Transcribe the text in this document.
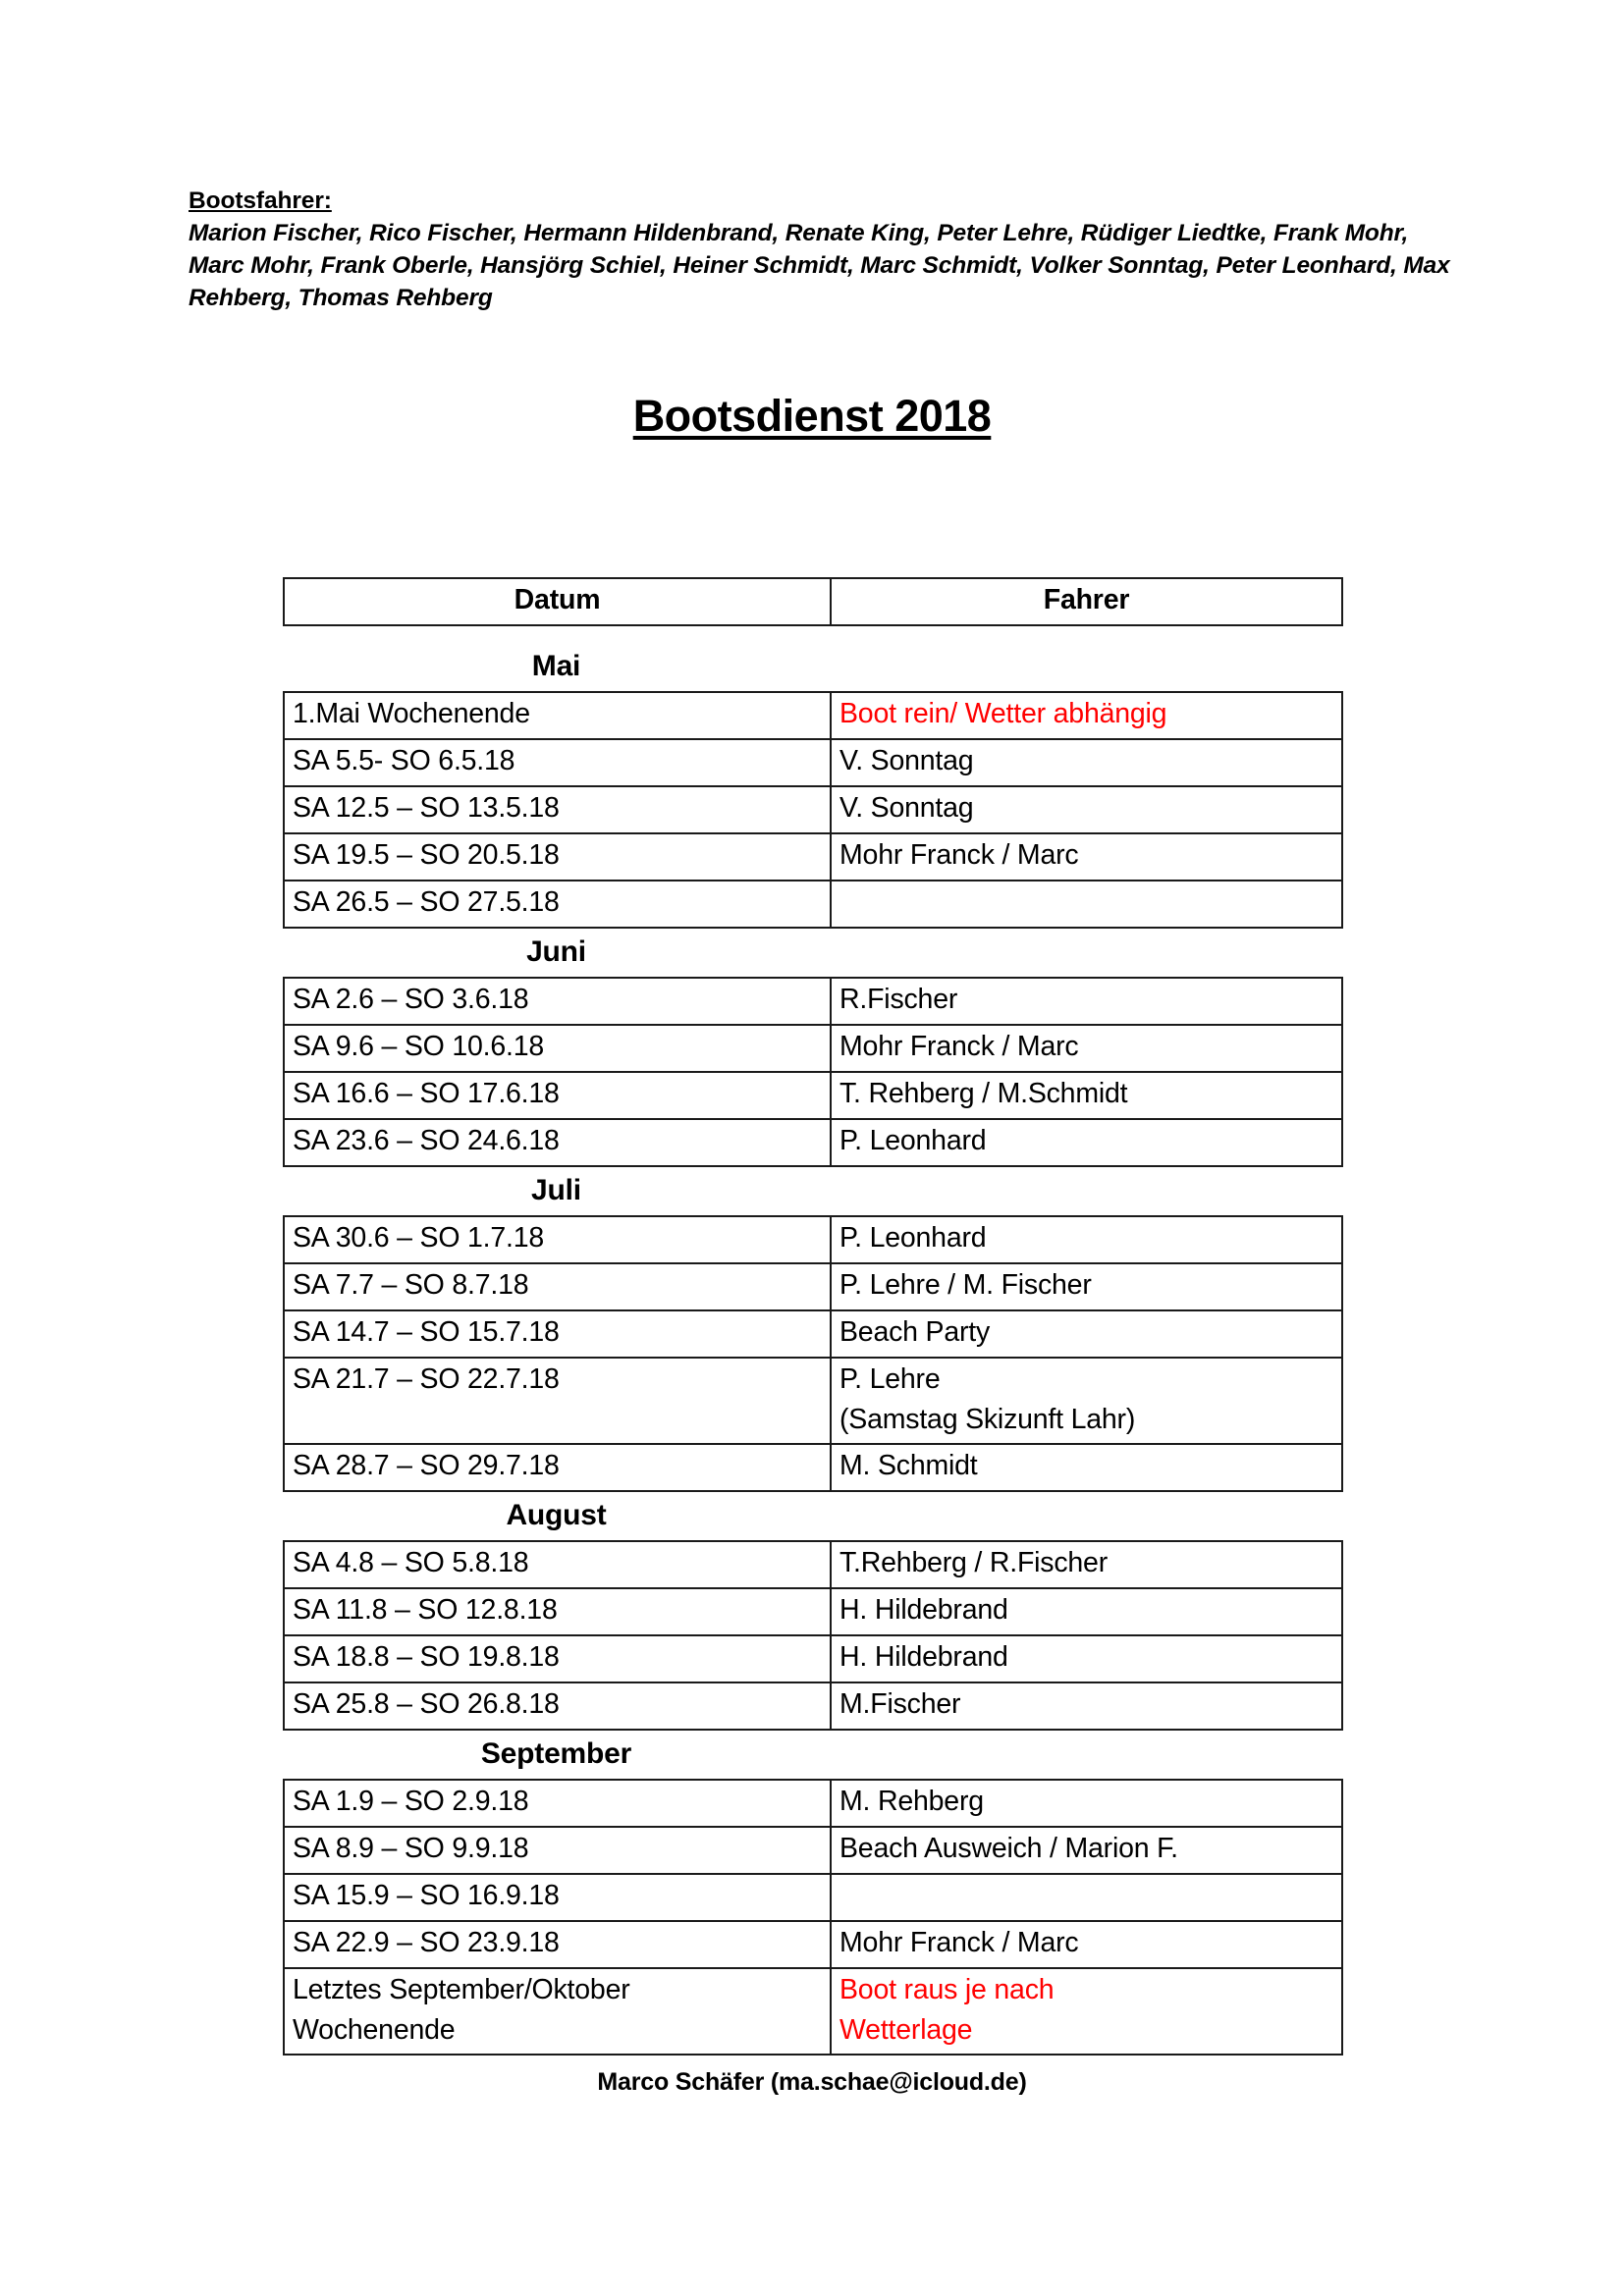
Bootsfahrer:
Marion Fischer, Rico Fischer, Hermann Hildenbrand, Renate King, Peter Lehre, Rüdiger Liedtke, Frank Mohr, Marc Mohr, Frank Oberle, Hansjörg Schiel, Heiner Schmidt, Marc Schmidt, Volker Sonntag, Peter Leonhard, Max Rehberg, Thomas Rehberg
Bootsdienst 2018
Datum	Fahrer
Mai
1.Mai Wochenende	Boot rein/ Wetter abhängig

SA 5.5- SO 6.5.18	V. Sonntag

SA 12.5 – SO 13.5.18	V. Sonntag

SA 19.5 – SO 20.5.18	Mohr Franck / Marc

SA 26.5 – SO 27.5.18	

Juni
SA 2.6 – SO 3.6.18	R.Fischer

SA 9.6 – SO 10.6.18	Mohr Franck / Marc

SA 16.6 – SO 17.6.18	T. Rehberg / M.Schmidt

SA 23.6 – SO 24.6.18	P. Leonhard
Juli
SA 30.6 – SO 1.7.18	P. Leonhard

SA 7.7 – SO 8.7.18	P. Lehre / M. Fischer

SA 14.7 – SO 15.7.18	Beach Party

SA 21.7 – SO 22.7.18	P. Lehre
(Samstag Skizunft Lahr)

SA 28.7 – SO 29.7.18	M. Schmidt
August
SA 4.8 – SO 5.8.18	T.Rehberg / R.Fischer

SA 11.8 – SO 12.8.18	H. Hildebrand

SA 18.8 – SO 19.8.18	H. Hildebrand

SA 25.8 – SO 26.8.18	M.Fischer
September
SA 1.9 – SO 2.9.18	M. Rehberg

SA 8.9 – SO 9.9.18	Beach Ausweich / Marion F.

SA 15.9 – SO 16.9.18	

SA 22.9 – SO 23.9.18	Mohr Franck / Marc

Letztes September/Oktober
Wochenende	Boot raus je nach
Wetterlage
Marco Schäfer (ma.schae@icloud.de)
